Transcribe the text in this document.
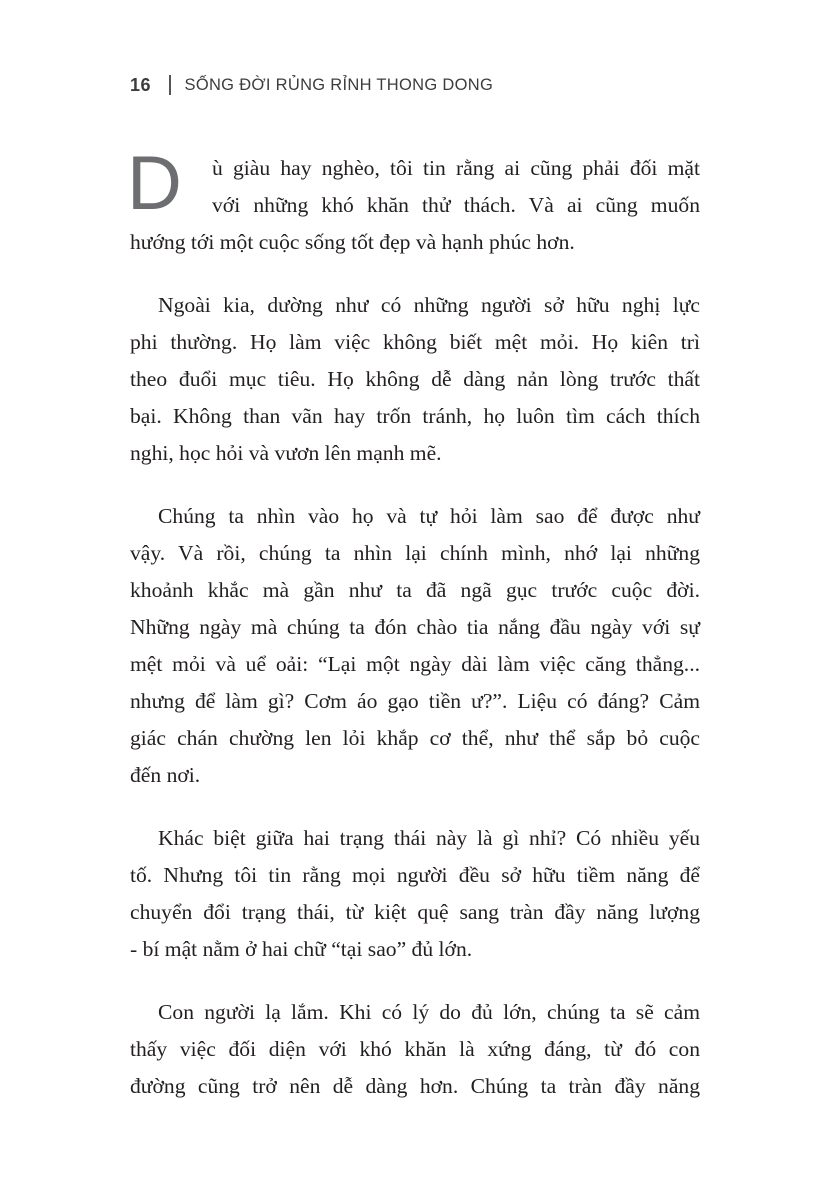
16 SỐNG ĐỜI RỦNG RỈNH THONG DONG
D	ù giàu hay nghèo, tôi tin rằng ai cũng phải đối mặt
với những khó khăn thử thách. Và ai cũng muốn
hướng tới một cuộc sống tốt đẹp và hạnh phúc hơn.
Ngoài kia, dường như có những người sở hữu nghị lực
phi thường. Họ làm việc không biết mệt mỏi. Họ kiên trì
theo đuổi mục tiêu. Họ không dễ dàng nản lòng trước thất
bại. Không than vãn hay trốn tránh, họ luôn tìm cách thích
nghi, học hỏi và vươn lên mạnh mẽ.
Chúng ta nhìn vào họ và tự hỏi làm sao để được như
vậy. Và rồi, chúng ta nhìn lại chính mình, nhớ lại những
khoảnh khắc mà gần như ta đã ngã gục trước cuộc đời.
Những ngày mà chúng ta đón chào tia nắng đầu ngày với sự
mệt mỏi và uể oải: “Lại một ngày dài làm việc căng thẳng...
nhưng để làm gì? Cơm áo gạo tiền ư?”. Liệu có đáng? Cảm
giác chán chường len lỏi khắp cơ thể, như thể sắp bỏ cuộc
đến nơi.
Khác biệt giữa hai trạng thái này là gì nhỉ? Có nhiều yếu
tố. Nhưng tôi tin rằng mọi người đều sở hữu tiềm năng để
chuyển đổi trạng thái, từ kiệt quệ sang tràn đầy năng lượng
- bí mật nằm ở hai chữ “tại sao” đủ lớn.
Con người lạ lắm. Khi có lý do đủ lớn, chúng ta sẽ cảm
thấy việc đối diện với khó khăn là xứng đáng, từ đó con
đường cũng trở nên dễ dàng hơn. Chúng ta tràn đầy năng
